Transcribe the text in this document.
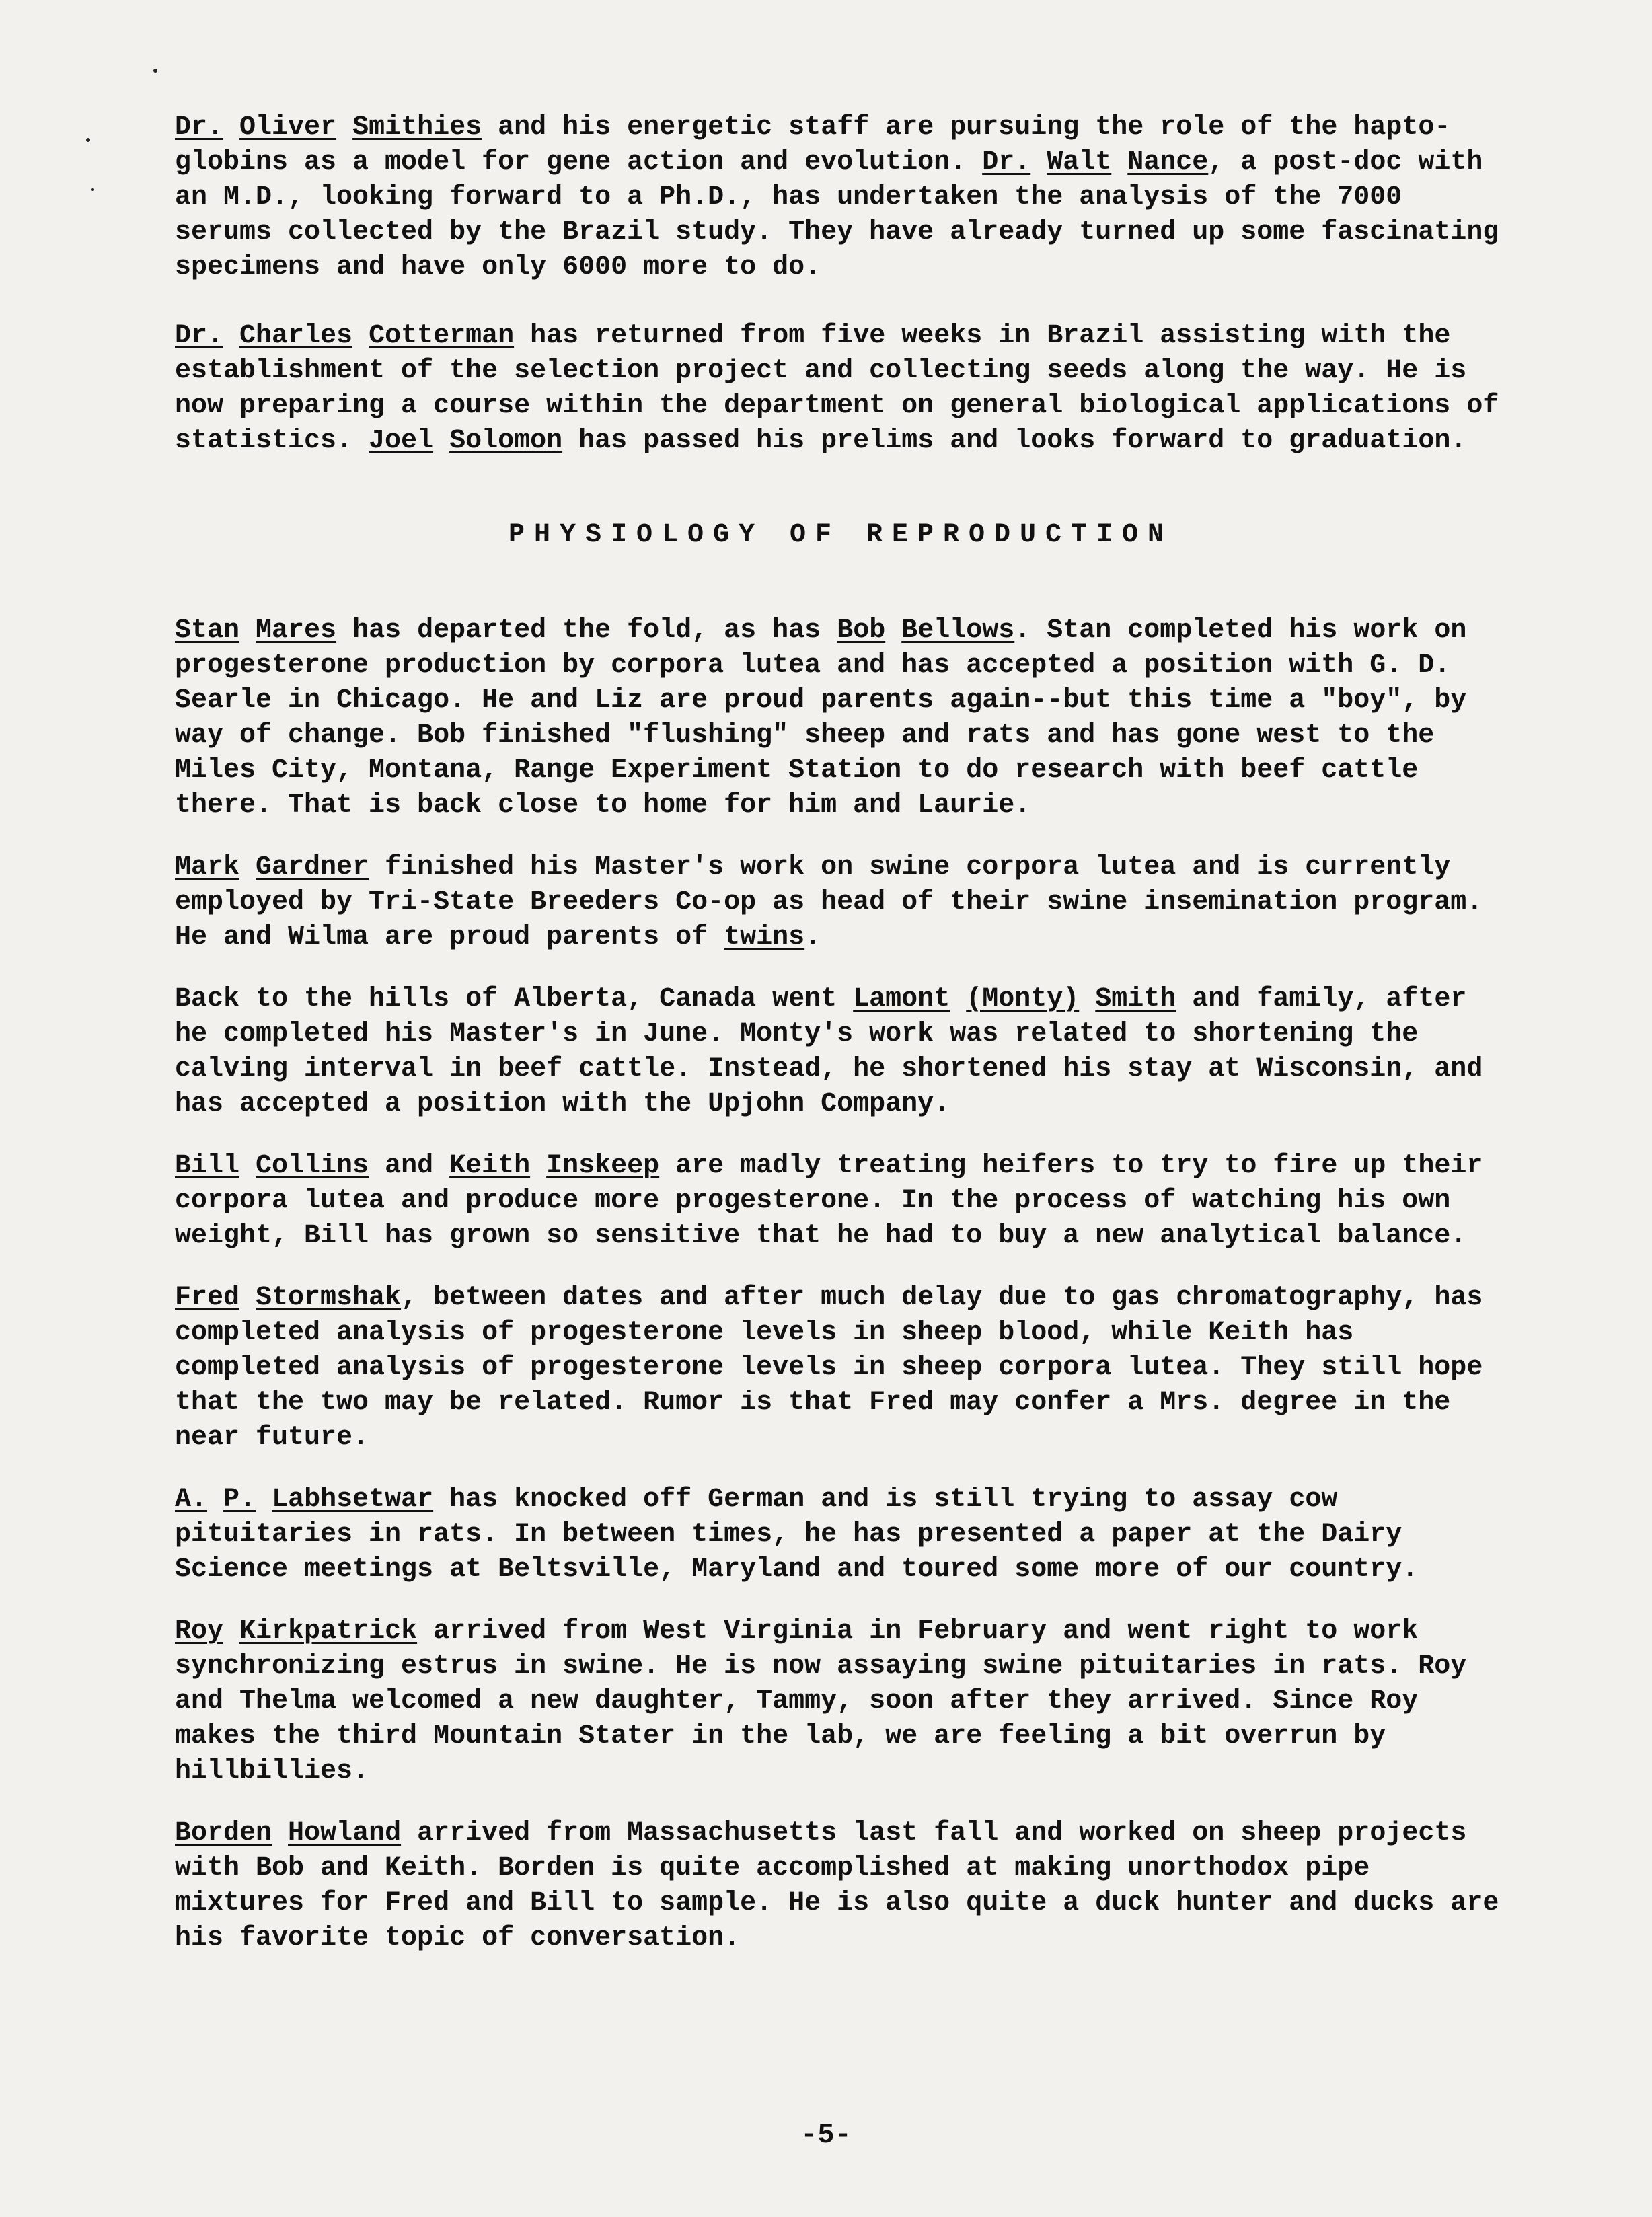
Dr. Oliver Smithies and his energetic staff are pursuing the role of the hapto-globins as a model for gene action and evolution. Dr. Walt Nance, a post-doc with an M.D., looking forward to a Ph.D., has undertaken the analysis of the 7000 serums collected by the Brazil study. They have already turned up some fascinating specimens and have only 6000 more to do.

Dr. Charles Cotterman has returned from five weeks in Brazil assisting with the establishment of the selection project and collecting seeds along the way. He is now preparing a course within the department on general biological applications of statistics. Joel Solomon has passed his prelims and looks forward to graduation.

PHYSIOLOGY OF REPRODUCTION

Stan Mares has departed the fold, as has Bob Bellows. Stan completed his work on progesterone production by corpora lutea and has accepted a position with G. D. Searle in Chicago. He and Liz are proud parents again--but this time a "boy", by way of change. Bob finished "flushing" sheep and rats and has gone west to the Miles City, Montana, Range Experiment Station to do research with beef cattle there. That is back close to home for him and Laurie.

Mark Gardner finished his Master's work on swine corpora lutea and is currently employed by Tri-State Breeders Co-op as head of their swine insemination program. He and Wilma are proud parents of twins.

Back to the hills of Alberta, Canada went Lamont (Monty) Smith and family, after he completed his Master's in June. Monty's work was related to shortening the calving interval in beef cattle. Instead, he shortened his stay at Wisconsin, and has accepted a position with the Upjohn Company.

Bill Collins and Keith Inskeep are madly treating heifers to try to fire up their corpora lutea and produce more progesterone. In the process of watching his own weight, Bill has grown so sensitive that he had to buy a new analytical balance.

Fred Stormshak, between dates and after much delay due to gas chromatography, has completed analysis of progesterone levels in sheep blood, while Keith has completed analysis of progesterone levels in sheep corpora lutea. They still hope that the two may be related. Rumor is that Fred may confer a Mrs. degree in the near future.

A. P. Labhsetwar has knocked off German and is still trying to assay cow pituitaries in rats. In between times, he has presented a paper at the Dairy Science meetings at Beltsville, Maryland and toured some more of our country.

Roy Kirkpatrick arrived from West Virginia in February and went right to work synchronizing estrus in swine. He is now assaying swine pituitaries in rats. Roy and Thelma welcomed a new daughter, Tammy, soon after they arrived. Since Roy makes the third Mountain Stater in the lab, we are feeling a bit overrun by hillbillies.

Borden Howland arrived from Massachusetts last fall and worked on sheep projects with Bob and Keith. Borden is quite accomplished at making unorthodox pipe mixtures for Fred and Bill to sample. He is also quite a duck hunter and ducks are his favorite topic of conversation.

-5-
